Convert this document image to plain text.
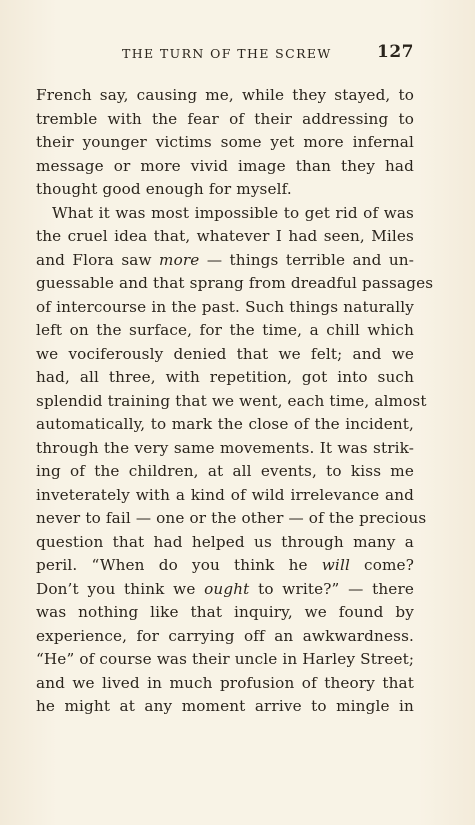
THE TURN OF THE SCREW	127
French say, causing me, while they stayed, to
tremble with the fear of their addressing to
their younger victims some yet more infernal
message or more vivid image than they had
thought good enough for myself.
What it was most impossible to get rid of was
the cruel idea that, whatever I had seen, Miles
and Flora saw more — things terrible and un-
guessable and that sprang from dreadful passages
of intercourse in the past. Such things naturally
left on the surface, for the time, a chill which
we vociferously denied that we felt; and we
had, all three, with repetition, got into such
splendid training that we went, each time, almost
automatically, to mark the close of the incident,
through the very same movements. It was strik-
ing of the children, at all events, to kiss me
inveterately with a kind of wild irrelevance and
never to fail — one or the other — of the precious
question that had helped us through many a
peril. “When do you think he will come?
Don’t you think we ought to write?” — there
was nothing like that inquiry, we found by
experience, for carrying off an awkwardness.
“He” of course was their uncle in Harley Street;
and we lived in much profusion of theory that
he might at any moment arrive to mingle in
